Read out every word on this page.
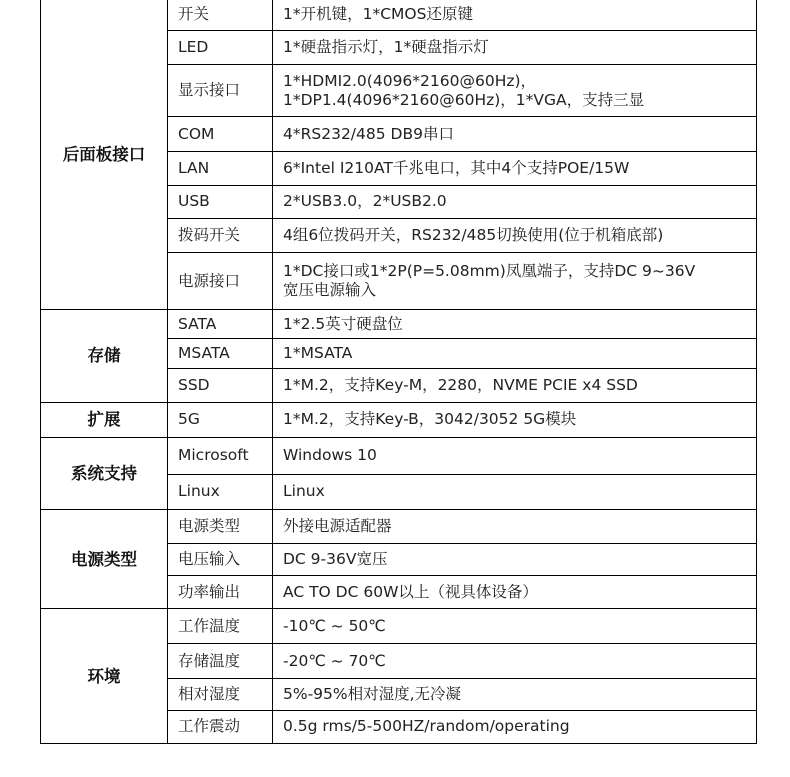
后面板接口	开关	1*开机键，1*CMOS还原键
	LED	1*硬盘指示灯，1*硬盘指示灯
	显示接口	1*HDMI2.0(4096*2160@60Hz)，
1*DP1.4(4096*2160@60Hz)，1*VGA，支持三显
	COM	4*RS232/485 DB9串口
	LAN	6*Intel I210AT千兆电口，其中4个支持POE/15W
	USB	2*USB3.0，2*USB2.0
	拨码开关	4组6位拨码开关，RS232/485切换使用(位于机箱底部)
	电源接口	1*DC接口或1*2P(P=5.08mm)凤凰端子，支持DC 9~36V
宽压电源输入
存储	SATA	1*2.5英寸硬盘位
	MSATA	1*MSATA
	SSD	1*M.2，支持Key-M，2280，NVME PCIE x4 SSD
扩展	5G	1*M.2，支持Key-B，3042/3052 5G模块
系统支持	Microsoft	Windows 10
	Linux	Linux
电源类型	电源类型	外接电源适配器
	电压输入	DC 9-36V宽压
	功率输出	AC TO DC 60W以上（视具体设备）
环境	工作温度	-10℃ ~ 50℃
	存储温度	-20℃ ~ 70℃
	相对湿度	5%-95%相对湿度,无冷凝
	工作震动	0.5g rms/5-500HZ/random/operating
